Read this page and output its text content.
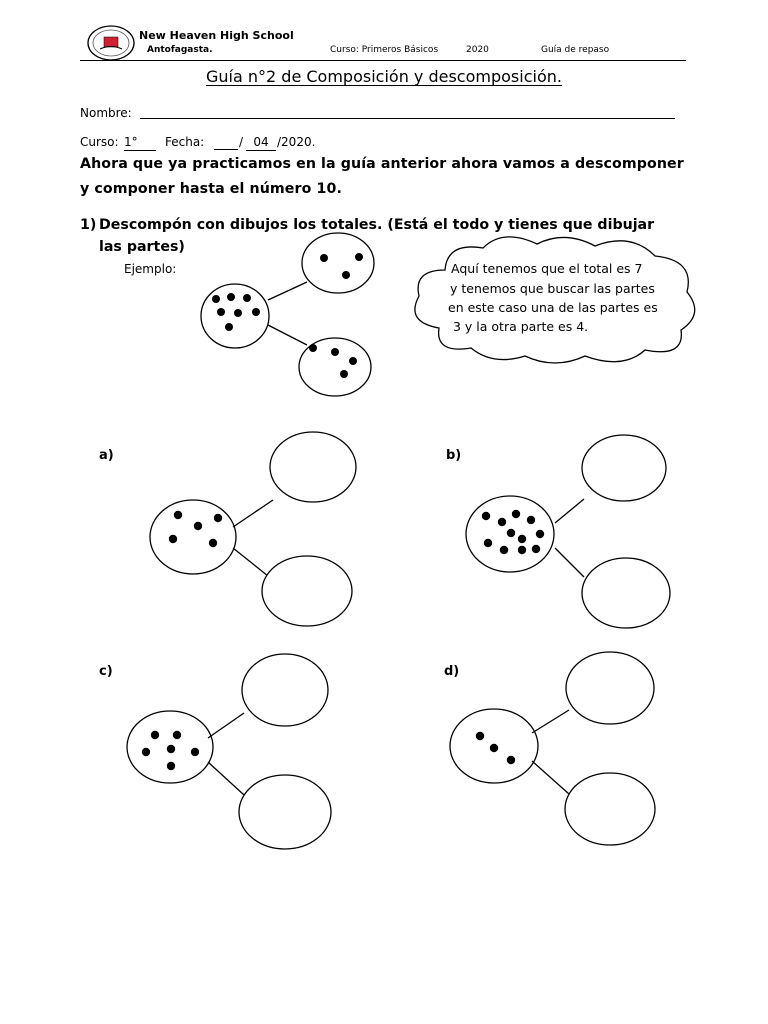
New Heaven High School
Antofagasta.	Curso: Primeros Básicos	2020	Guía de repaso
Guía n°2 de Composición y descomposición.
Nombre:
Curso: 1°	Fecha:	/ 04 /2020.
Ahora que ya practicamos en la guía anterior ahora vamos a descomponer
y componer hasta el número 10.
1) Descompón con dibujos los totales. (Está el todo y tienes que dibujar
las partes)
Ejemplo:	Aquí tenemos que el total es 7
y tenemos que buscar las partes
en este caso una de las partes es
3 y la otra parte es 4.
a)	b)
c)	d)
